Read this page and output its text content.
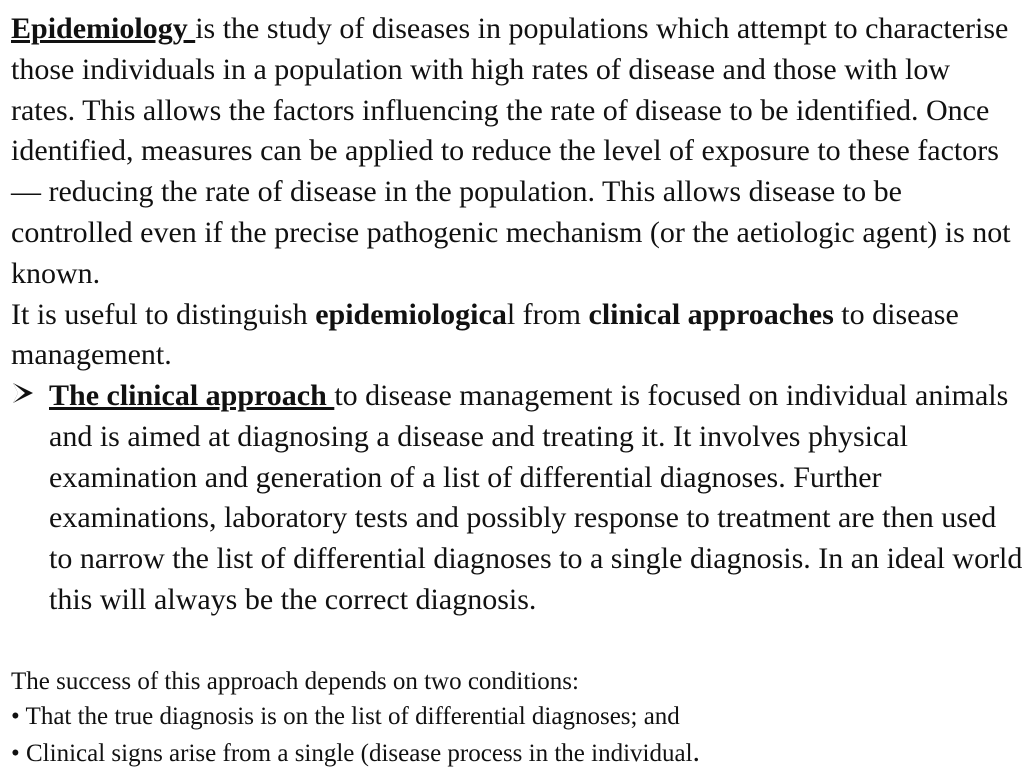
Epidemiology is the study of diseases in populations which attempt to characterise those individuals in a population with high rates of disease and those with low rates. This allows the factors influencing the rate of disease to be identified. Once identified, measures can be applied to reduce the level of exposure to these factors — reducing the rate of disease in the population. This allows disease to be controlled even if the precise pathogenic mechanism (or the aetiologic agent) is not known.
It is useful to distinguish epidemiological from clinical approaches to disease management.

The clinical approach to disease management is focused on individual animals and is aimed at diagnosing a disease and treating it. It involves physical examination and generation of a list of differential diagnoses. Further examinations, laboratory tests and possibly response to treatment are then used to narrow the list of differential diagnoses to a single diagnosis. In an ideal world this will always be the correct diagnosis.

The success of this approach depends on two conditions:
• That the true diagnosis is on the list of differential diagnoses; and
• Clinical signs arise from a single (disease process in the individual.
